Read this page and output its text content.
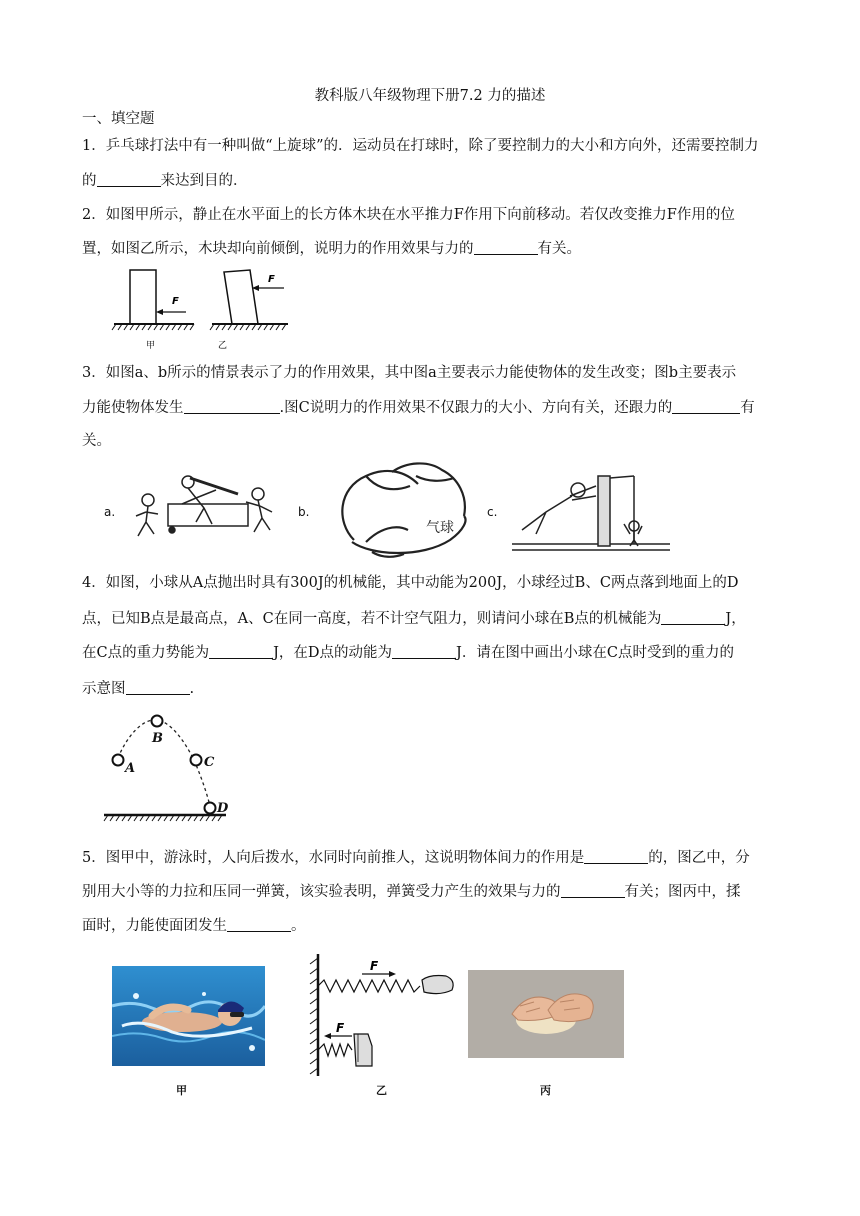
教科版八年级物理下册7.2 力的描述
一、填空题
1．乒乓球打法中有一种叫做“上旋球”的．运动员在打球时，除了要控制力的大小和方向外，还需要控制力
的	来达到目的．
2．如图甲所示，静止在水平面上的长方体木块在水平推力F作用下向前移动。若仅改变推力F作用的位
置，如图乙所示，木块却向前倾倒，说明力的作用效果与力的	有关。
F
甲
F
乙
3．如图a、b所示的情景表示了力的作用效果，其中图a主要表示力能使物体的发生改变；图b主要表示
力能使物体发生	.图C说明力的作用效果不仅跟力的大小、方向有关，还跟力的	有
关。
a.	b.
气球
c.
4．如图，小球从A点抛出时具有300J的机械能，其中动能为200J，小球经过B、C两点落到地面上的D
点，已知B点是最高点，A、C在同一高度，若不计空气阻力，则请问小球在B点的机械能为	J，
在C点的重力势能为	J，在D点的动能为	J．请在图中画出小球在C点时受到的重力的
示意图	.
A
B
C
D
5．图甲中，游泳时，人向后拨水，水同时向前推人，这说明物体间力的作用是	的，图乙中，分
别用大小等的力拉和压同一弹簧，该实验表明，弹簧受力产生的效果与力的	有关；图丙中，揉
面时，力能使面团发生	。
F
F
甲	乙	丙
